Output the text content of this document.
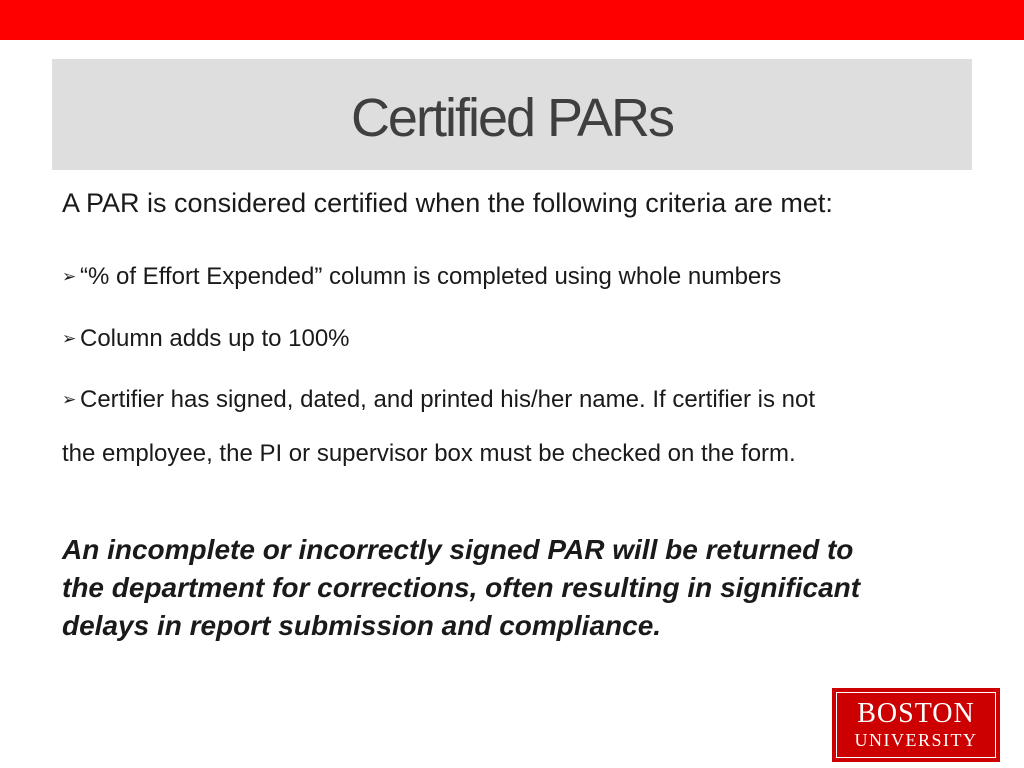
Certified PARs
A PAR is considered certified when the following criteria are met:
➢ “% of Effort Expended” column is completed using whole numbers
➢ Column adds up to 100%
➢ Certifier has signed, dated, and printed his/her name. If certifier is not
the employee, the PI or supervisor box must be checked on the form.
An incomplete or incorrectly signed PAR will be returned to
the department for corrections, often resulting in significant
delays in report submission and compliance.
BOSTON
UNIVERSITY
